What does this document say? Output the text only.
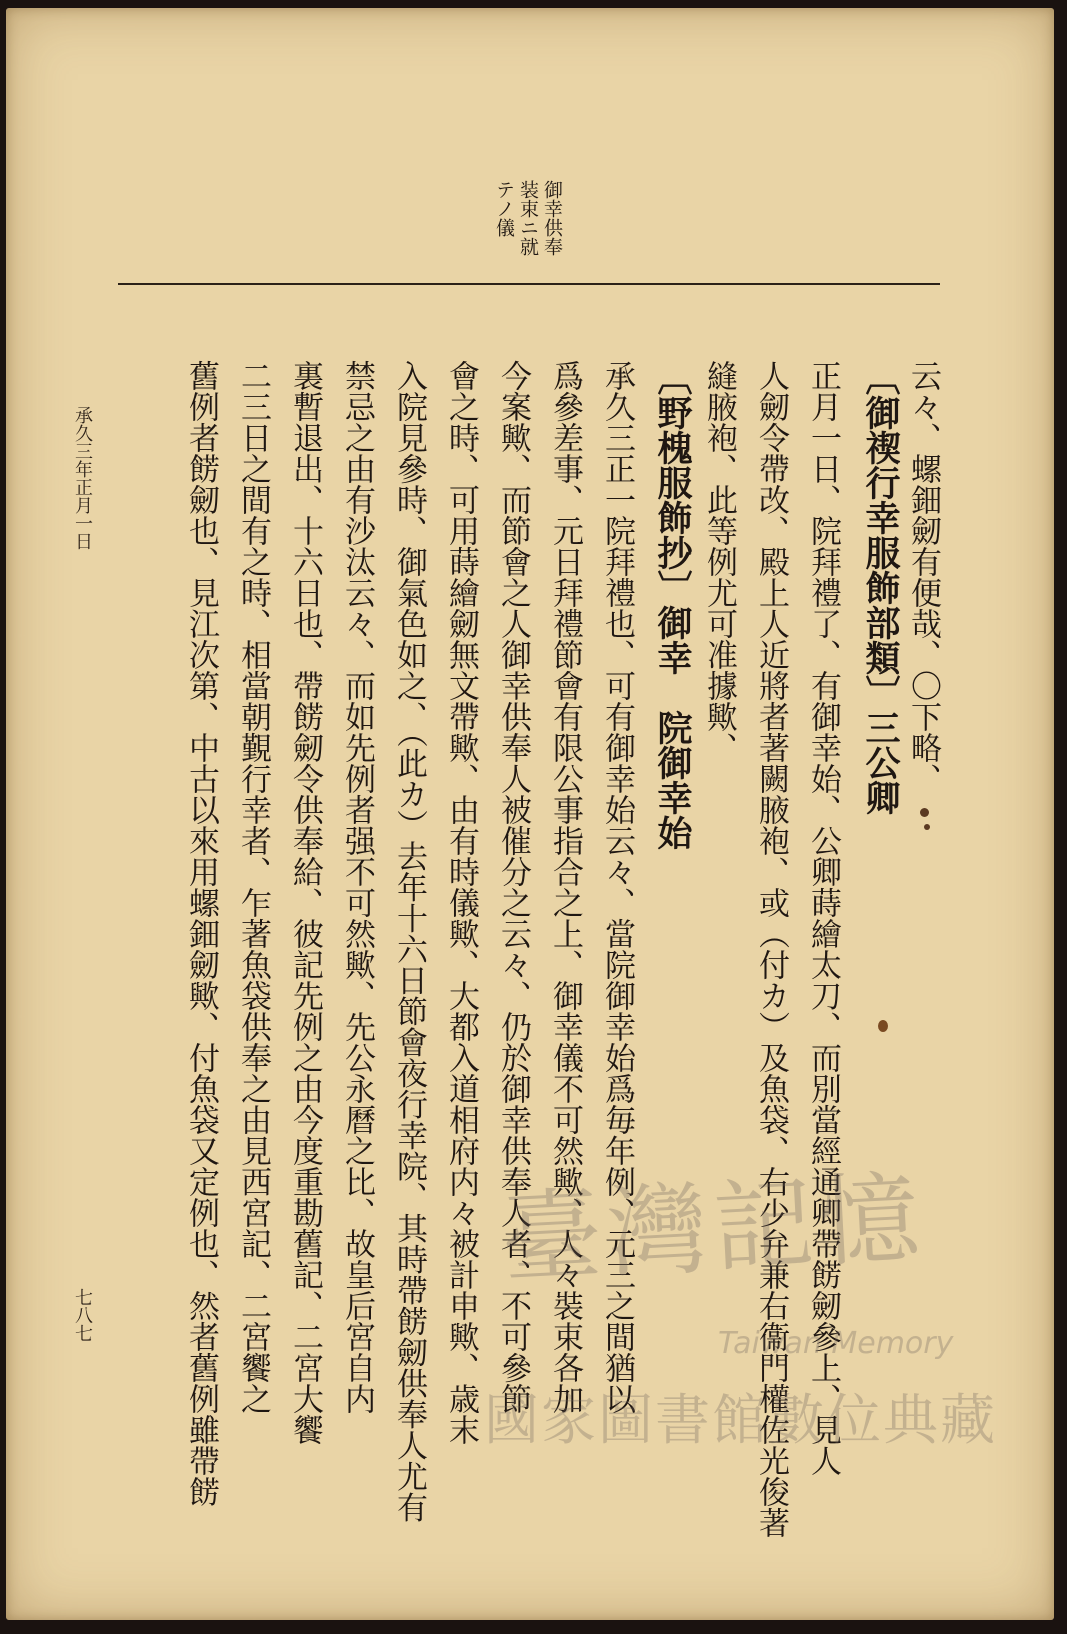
御幸供奉
装束ニ就
テノ儀
云々、螺鈿劒有便哉、〇下略、
〔御禊行幸服飾部類〕三公卿
正月一日、院拜禮了、有御幸始、公卿蒔繪太刀、而別當經通卿帶餝劒參上、見人
人劒令帶改、殿上人近將者著闕腋袍、或（付カ）及魚袋、右少弁兼右衞門權佐光俊著
縫腋袍、此等例尤可准據歟、
〔野槐服飾抄〕御幸　院御幸始
承久三正一院拜禮也、可有御幸始云々、當院御幸始爲毎年例、元三之間猶以
爲參差事、元日拜禮節會有限公事指合之上、御幸儀不可然歟、人々裝束各加
今案歟、而節會之人御幸供奉人被催分之云々、仍於御幸供奉人者、不可參節
會之時、可用蒔繪劒無文帶歟、由有時儀歟、大都入道相府内々被計申歟、歳末
入院見參時、御氣色如之、（此カ）去年十六日節會夜行幸院、其時帶餝劒供奉人尤有
禁忌之由有沙汰云々、而如先例者强不可然歟、先公永曆之比、故皇后宮自内
裏暫退出、十六日也、帶餝劒令供奉給、彼記先例之由今度重勘舊記、二宮大饗
二三日之間有之時、相當朝覲行幸者、乍著魚袋供奉之由見西宮記、二宮饗之
舊例者餝劒也、見江次第、中古以來用螺鈿劒歟、付魚袋又定例也、然者舊例雖帶餝
承久三年正月一日
七八七
臺灣記憶
Taiwan Memory
國家圖書館數位典藏
